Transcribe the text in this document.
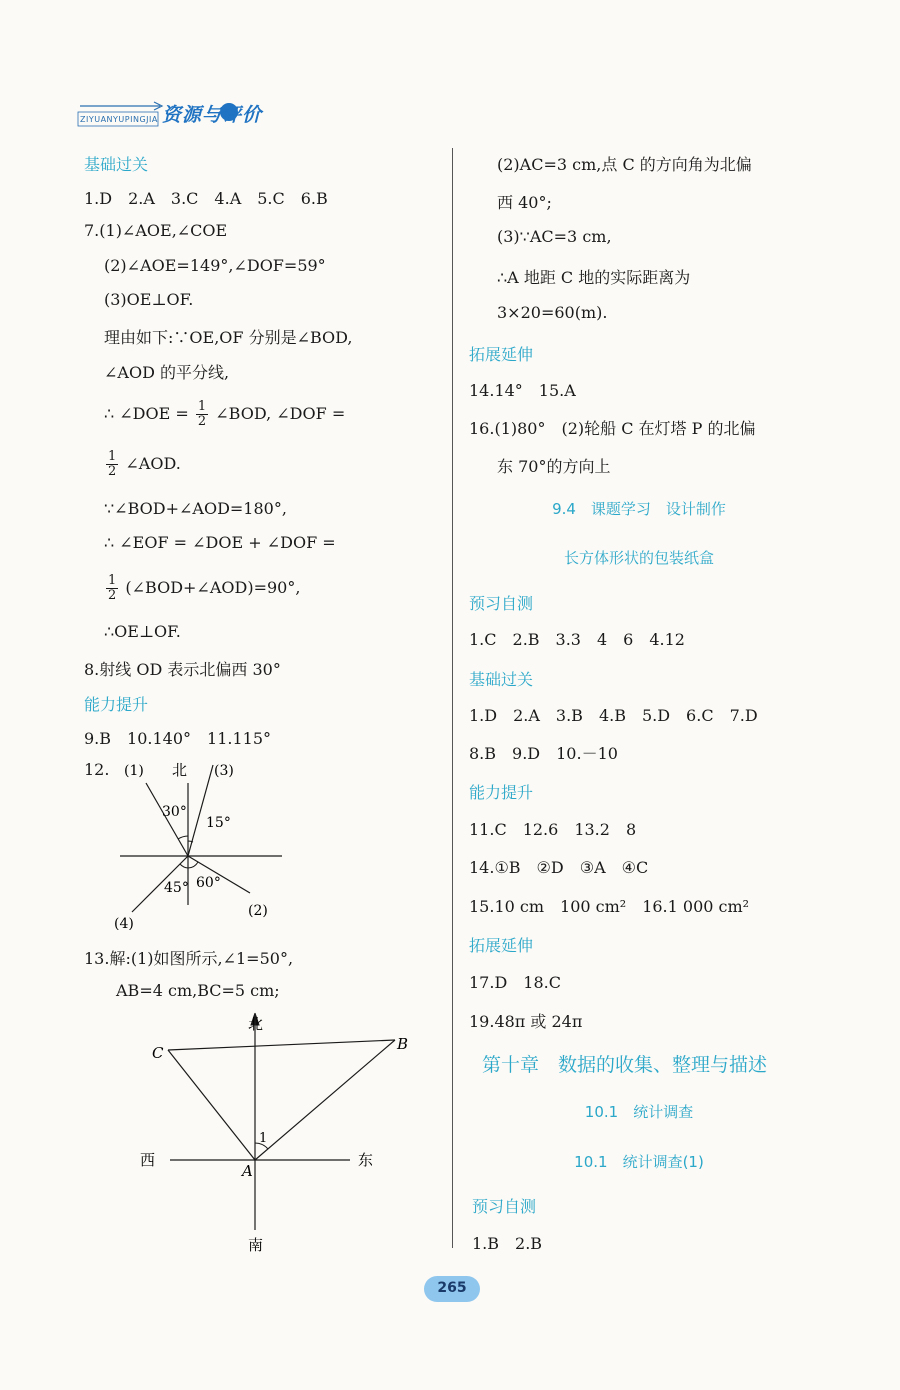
ZIYUANYUPINGJIA 资源与评价
基础过关
1.D　2.A　3.C　4.A　5.C　6.B
7.(1)∠AOE,∠COE
(2)∠AOE=149°,∠DOF=59°
(3)OE⊥OF.
理由如下:∵OE,OF 分别是∠BOD,
∠AOD 的平分线,
∴ ∠DOE = $\frac{1}{2}$ ∠BOD, ∠DOF =
$\frac{1}{2}$ ∠AOD.
∵∠BOD+∠AOD=180°,
∴ ∠EOF = ∠DOE + ∠DOF =
$\frac{1}{2}$ (∠BOD+∠AOD)=90°,
∴OE⊥OF.
8.射线 OD 表示北偏西 30°
能力提升
9.B　10.140°　11.115°
12. (1) 北 (3)
30°
15°
45° 60°
(4)
(2)
13.解:(1)如图所示,∠1=50°,
AB=4 cm,BC=5 cm;
北
南
西	东
B
C
A
1
(2)AC=3 cm,点 C 的方向角为北偏
西 40°;
(3)∵AC=3 cm,
∴A 地距 C 地的实际距离为
3×20=60(m).
拓展延伸
14.14°　15.A
16.(1)80°　(2)轮船 C 在灯塔 P 的北偏
东 70°的方向上
9.4　课题学习　设计制作
长方体形状的包装纸盒
预习自测
1.C　2.B　3.3　4　6　4.12
基础过关
1.D　2.A　3.B　4.B　5.D　6.C　7.D
8.B　9.D　10.－10
能力提升
11.C　12.6　13.2　8
14.①B　②D　③A　④C
15.10 cm　100 cm²　16.1 000 cm²
拓展延伸
17.D　18.C
19.48π 或 24π
第十章　数据的收集、整理与描述
10.1　统计调查
10.1　统计调查(1)
预习自测
1.B　2.B
265
